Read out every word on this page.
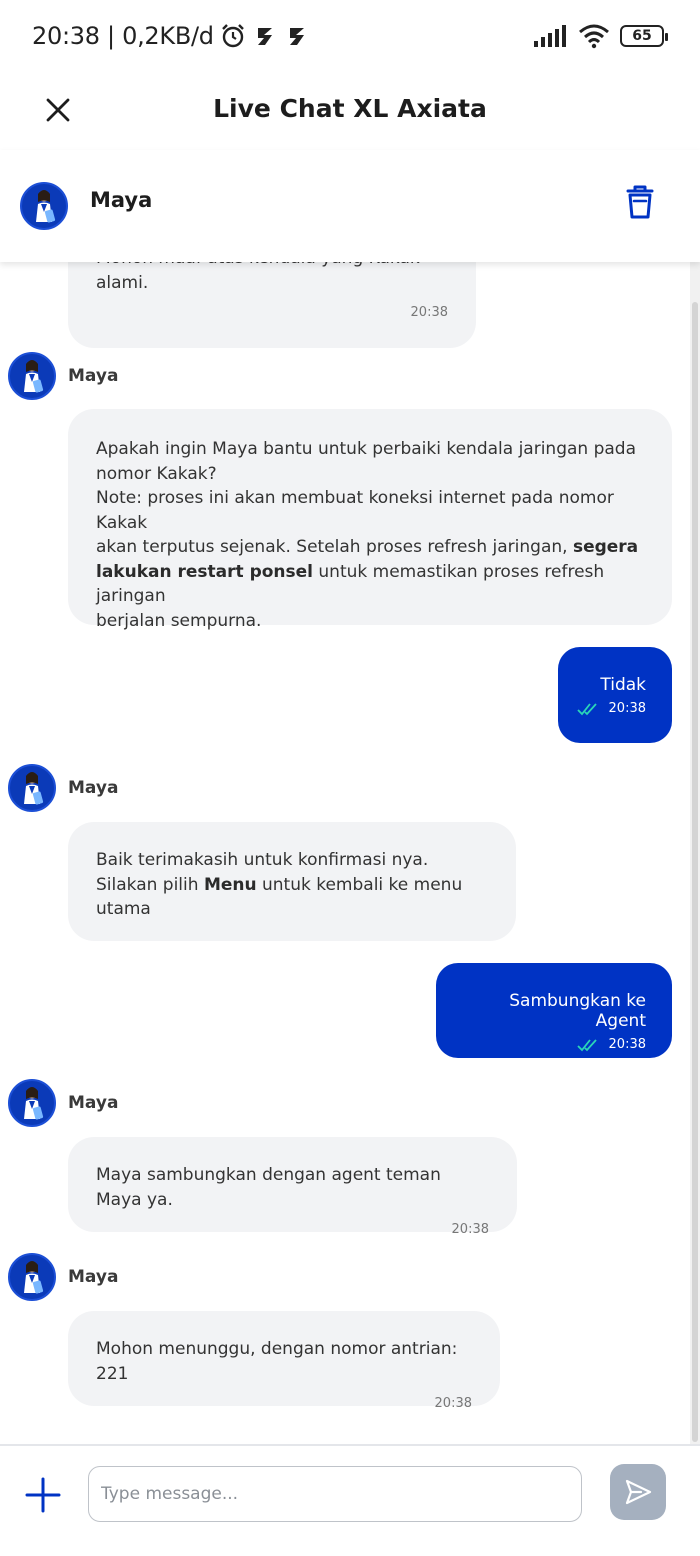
20:38 | 0,2KB/d	65
Live Chat XL Axiata
Maya
alami.
20:38
Maya
Apakah ingin Maya bantu untuk perbaiki kendala jaringan pada
nomor Kakak?
Note: proses ini akan membuat koneksi internet pada nomor Kakak
akan terputus sejenak. Setelah proses refresh jaringan, segera
lakukan restart ponsel untuk memastikan proses refresh jaringan
berjalan sempurna.
Tidak
20:38
Maya
Baik terimakasih untuk konfirmasi nya.
Silakan pilih Menu untuk kembali ke menu utama
Sambungkan ke Agent
20:38
Maya
Maya sambungkan dengan agent teman Maya ya.
20:38
Maya
Mohon menunggu, dengan nomor antrian: 221
20:38
Type message...
